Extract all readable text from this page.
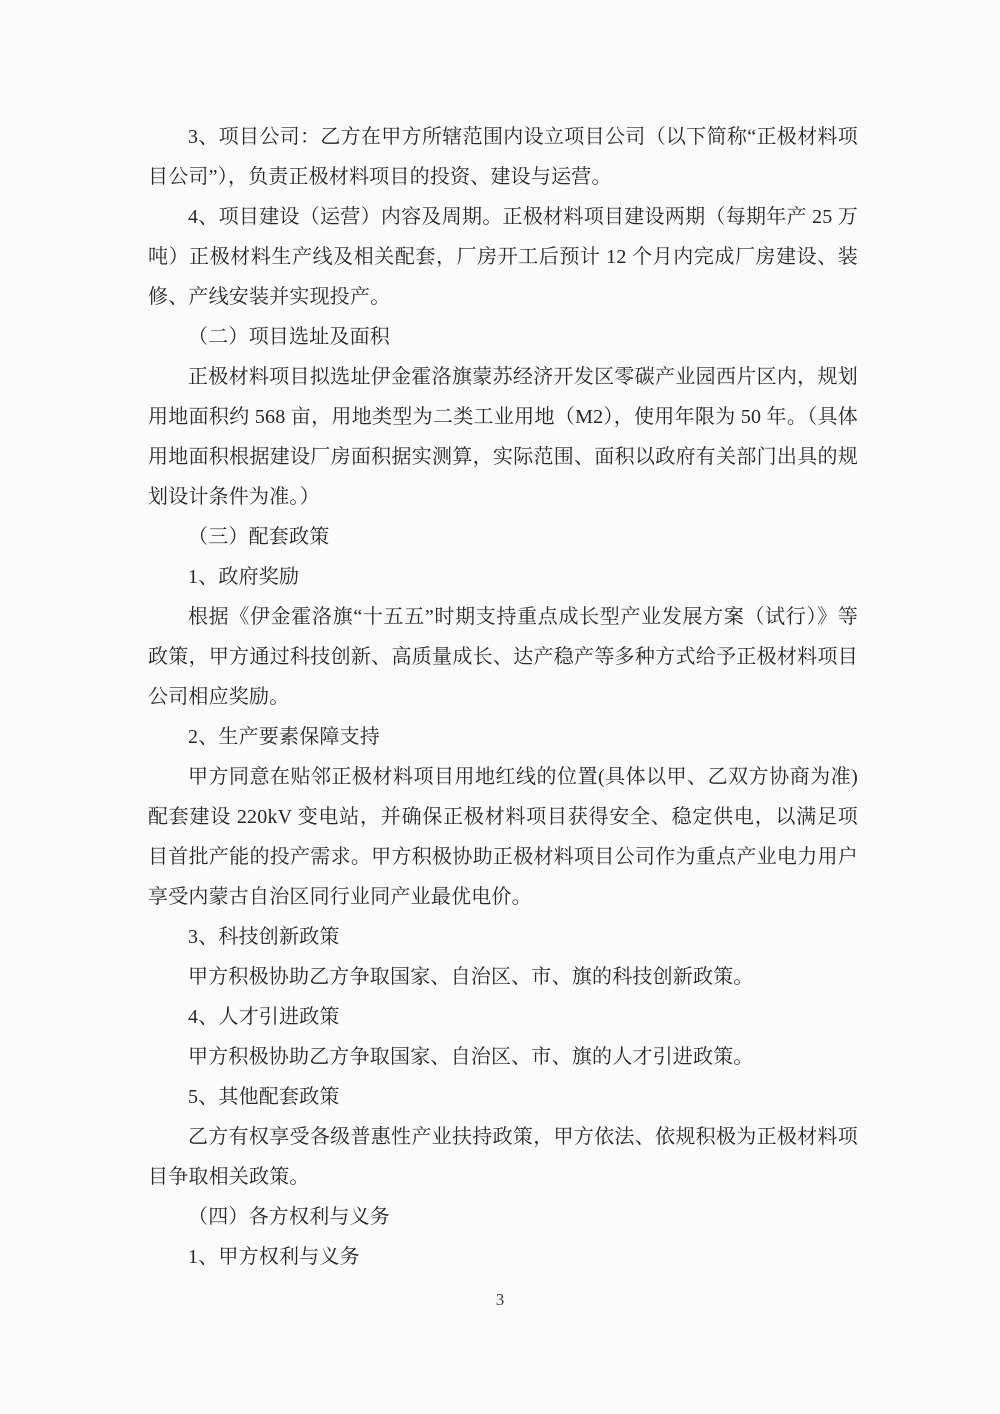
3、项目公司：乙方在甲方所辖范围内设立项目公司（以下简称“正极材料项目公司”），负责正极材料项目的投资、建设与运营。

4、项目建设（运营）内容及周期。正极材料项目建设两期（每期年产 25 万吨）正极材料生产线及相关配套，厂房开工后预计 12 个月内完成厂房建设、装修、产线安装并实现投产。

（二）项目选址及面积

正极材料项目拟选址伊金霍洛旗蒙苏经济开发区零碳产业园西片区内，规划用地面积约 568 亩，用地类型为二类工业用地（M2），使用年限为 50 年。（具体用地面积根据建设厂房面积据实测算，实际范围、面积以政府有关部门出具的规划设计条件为准。）

（三）配套政策

1、政府奖励

根据《伊金霍洛旗“十五五”时期支持重点成长型产业发展方案（试行）》等政策，甲方通过科技创新、高质量成长、达产稳产等多种方式给予正极材料项目公司相应奖励。

2、生产要素保障支持

甲方同意在贴邻正极材料项目用地红线的位置(具体以甲、乙双方协商为准)配套建设 220kV 变电站，并确保正极材料项目获得安全、稳定供电，以满足项目首批产能的投产需求。甲方积极协助正极材料项目公司作为重点产业电力用户享受内蒙古自治区同行业同产业最优电价。

3、科技创新政策

甲方积极协助乙方争取国家、自治区、市、旗的科技创新政策。

4、人才引进政策

甲方积极协助乙方争取国家、自治区、市、旗的人才引进政策。

5、其他配套政策

乙方有权享受各级普惠性产业扶持政策，甲方依法、依规积极为正极材料项目争取相关政策。

（四）各方权利与义务

1、甲方权利与义务

3
